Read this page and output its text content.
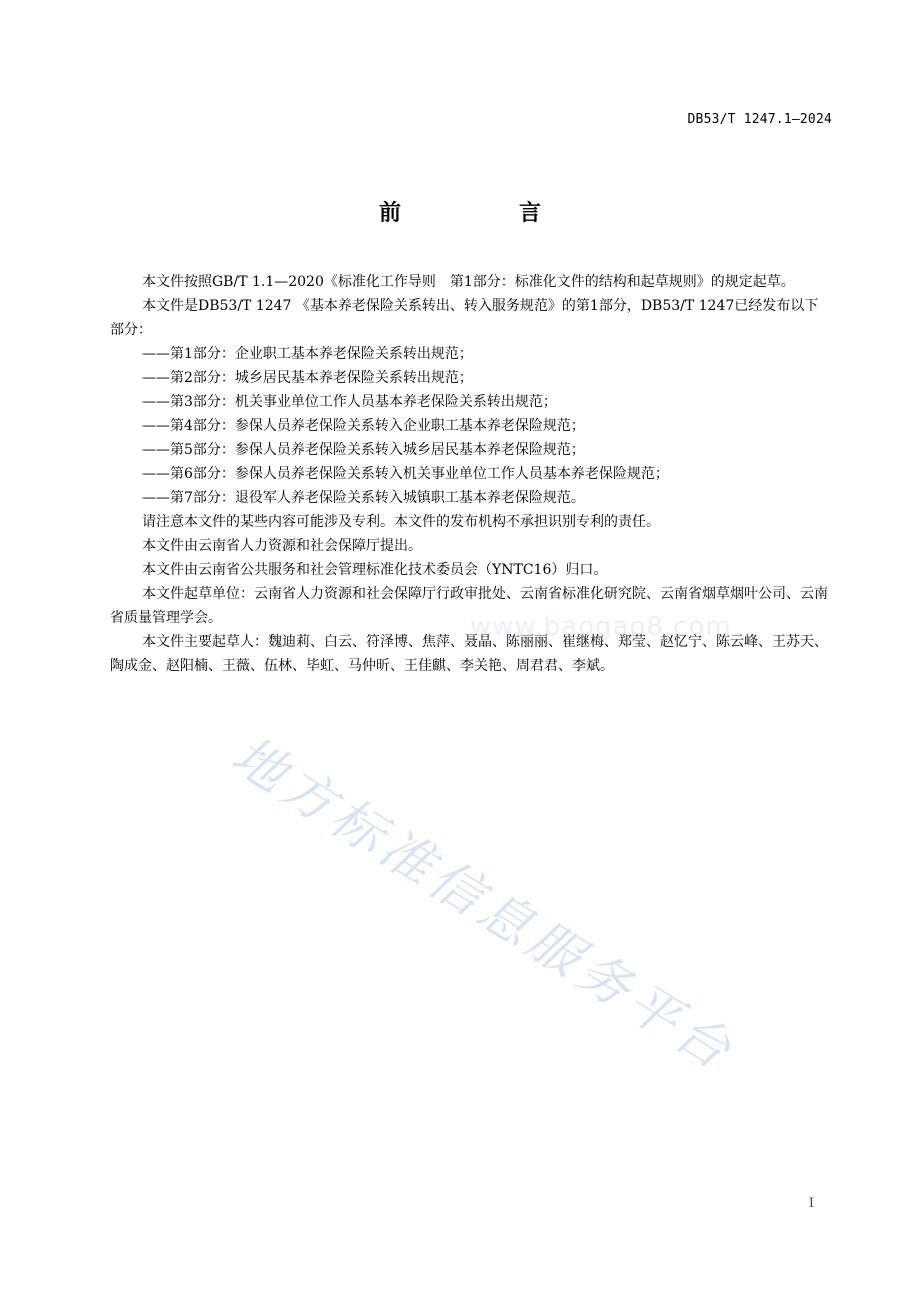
DB53/T 1247.1—2024
前　言

本文件按照GB/T 1.1—2020《标准化工作导则　第1部分：标准化文件的结构和起草规则》的规定起草。

本文件是DB53/T 1247 《基本养老保险关系转出、转入服务规范》的第1部分，DB53/T 1247已经发布以下部分：

——第1部分：企业职工基本养老保险关系转出规范；

——第2部分：城乡居民基本养老保险关系转出规范；

——第3部分：机关事业单位工作人员基本养老保险关系转出规范；

——第4部分：参保人员养老保险关系转入企业职工基本养老保险规范；

——第5部分：参保人员养老保险关系转入城乡居民基本养老保险规范；

——第6部分：参保人员养老保险关系转入机关事业单位工作人员基本养老保险规范；

——第7部分：退役军人养老保险关系转入城镇职工基本养老保险规范。

请注意本文件的某些内容可能涉及专利。本文件的发布机构不承担识别专利的责任。

本文件由云南省人力资源和社会保障厅提出。

本文件由云南省公共服务和社会管理标准化技术委员会（YNTC16）归口。

本文件起草单位：云南省人力资源和社会保障厅行政审批处、云南省标准化研究院、云南省烟草烟叶公司、云南省质量管理学会。

本文件主要起草人：魏迪莉、白云、符泽博、焦萍、聂晶、陈丽丽、崔继梅、郑莹、赵忆宁、陈云峰、王苏天、陶成金、赵阳楠、王薇、伍林、毕虹、马仲昕、王佳麒、李关艳、周君君、李斌。

www.baogao8.com
地方标准信息服务平台
I
